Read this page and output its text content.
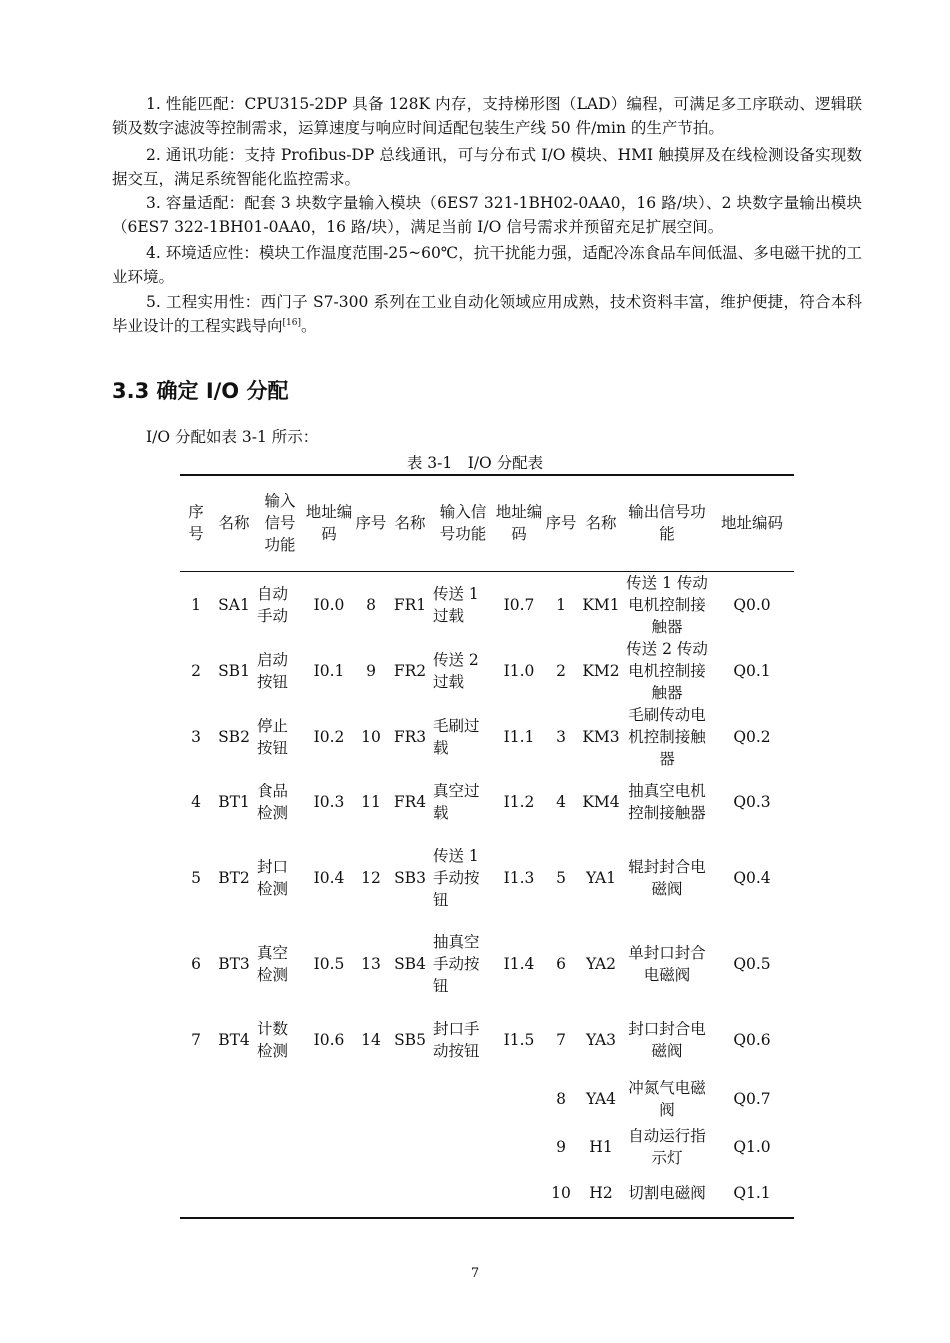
1. 性能匹配：CPU315-2DP 具备 128K 内存，支持梯形图（LAD）编程，可满足多工序联动、逻辑联锁及数字滤波等控制需求，运算速度与响应时间适配包装生产线 50 件/min 的生产节拍。
2. 通讯功能：支持 Profibus-DP 总线通讯，可与分布式 I/O 模块、HMI 触摸屏及在线检测设备实现数据交互，满足系统智能化监控需求。
3. 容量适配：配套 3 块数字量输入模块（6ES7 321-1BH02-0AA0，16 路/块）、2 块数字量输出模块（6ES7 322-1BH01-0AA0，16 路/块），满足当前 I/O 信号需求并预留充足扩展空间。
4. 环境适应性：模块工作温度范围-25~60℃，抗干扰能力强，适配冷冻食品车间低温、多电磁干扰的工业环境。
5. 工程实用性：西门子 S7-300 系列在工业自动化领域应用成熟，技术资料丰富，维护便捷，符合本科毕业设计的工程实践导向[16]。
3.3 确定 I/O 分配
I/O 分配如表 3-1 所示：
表 3-1　I/O 分配表
序号	名称	输入信号功能	地址编码	序号	名称	输入信号功能	地址编码	序号	名称	输出信号功能	地址编码
1	SA1	自动手动	I0.0	8	FR1	传送 1 过载	I0.7	1	KM1	传送 1 传动电机控制接触器	Q0.0
2	SB1	启动按钮	I0.1	9	FR2	传送 2 过载	I1.0	2	KM2	传送 2 传动电机控制接触器	Q0.1
3	SB2	停止按钮	I0.2	10	FR3	毛刷过载	I1.1	3	KM3	毛刷传动电机控制接触器	Q0.2
4	BT1	食品检测	I0.3	11	FR4	真空过载	I1.2	4	KM4	抽真空电机控制接触器	Q0.3
5	BT2	封口检测	I0.4	12	SB3	传送 1 手动按钮	I1.3	5	YA1	辊封封合电磁阀	Q0.4
6	BT3	真空检测	I0.5	13	SB4	抽真空手动按钮	I1.4	6	YA2	单封口封合电磁阀	Q0.5
7	BT4	计数检测	I0.6	14	SB5	封口手动按钮	I1.5	7	YA3	封口封合电磁阀	Q0.6
								8	YA4	冲氮气电磁阀	Q0.7
								9	H1	自动运行指示灯	Q1.0
								10	H2	切割电磁阀	Q1.1
7
